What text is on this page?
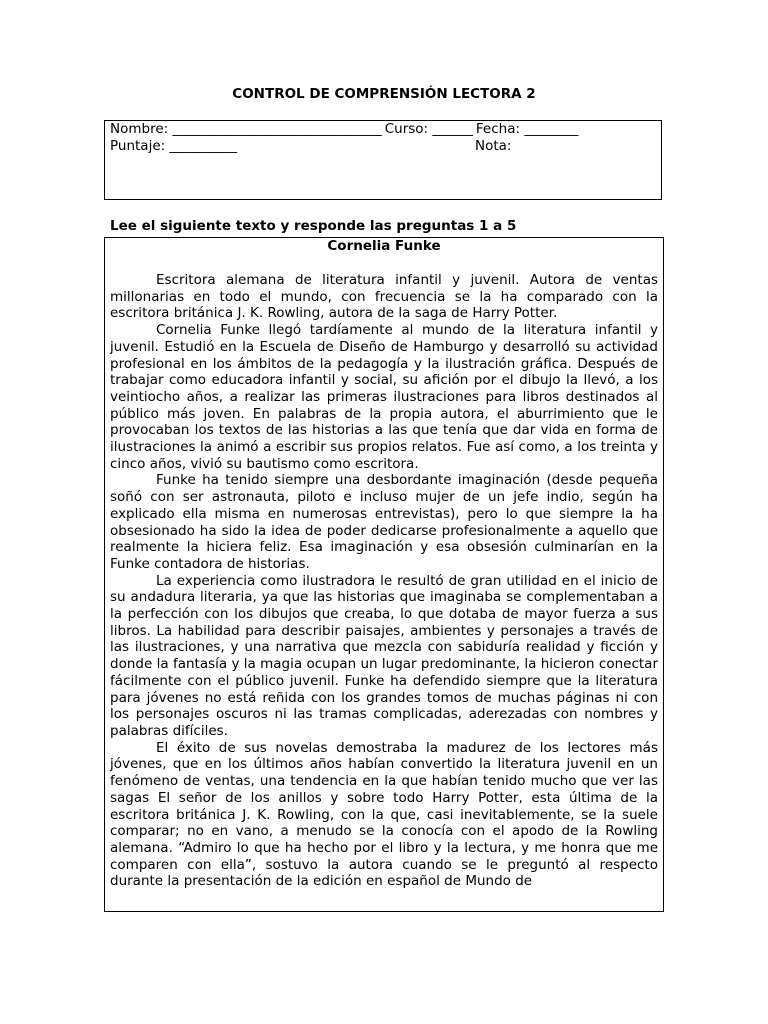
CONTROL DE COMPRENSIÓN LECTORA 2
Nombre: _______________________________ Curso: ______ Fecha: ________
Puntaje: __________	Nota:

Lee el siguiente texto y responde las preguntas 1 a 5

Cornelia Funke

Escritora alemana de literatura infantil y juvenil. Autora de ventas millonarias en todo el mundo, con frecuencia se la ha comparado con la escritora británica J. K. Rowling, autora de la saga de Harry Potter.

Cornelia Funke llegó tardíamente al mundo de la literatura infantil y juvenil. Estudió en la Escuela de Diseño de Hamburgo y desarrolló su actividad profesional en los ámbitos de la pedagogía y la ilustración gráfica. Después de trabajar como educadora infantil y social, su afición por el dibujo la llevó, a los veintiocho años, a realizar las primeras ilustraciones para libros destinados al público más joven. En palabras de la propia autora, el aburrimiento que le provocaban los textos de las historias a las que tenía que dar vida en forma de ilustraciones la animó a escribir sus propios relatos. Fue así como, a los treinta y cinco años, vivió su bautismo como escritora.

Funke ha tenido siempre una desbordante imaginación (desde pequeña soñó con ser astronauta, piloto e incluso mujer de un jefe indio, según ha explicado ella misma en numerosas entrevistas), pero lo que siempre la ha obsesionado ha sido la idea de poder dedicarse profesionalmente a aquello que realmente la hiciera feliz. Esa imaginación y esa obsesión culminarían en la Funke contadora de historias.

La experiencia como ilustradora le resultó de gran utilidad en el inicio de su andadura literaria, ya que las historias que imaginaba se complementaban a la perfección con los dibujos que creaba, lo que dotaba de mayor fuerza a sus libros. La habilidad para describir paisajes, ambientes y personajes a través de las ilustraciones, y una narrativa que mezcla con sabiduría realidad y ficción y donde la fantasía y la magia ocupan un lugar predominante, la hicieron conectar fácilmente con el público juvenil. Funke ha defendido siempre que la literatura para jóvenes no está reñida con los grandes tomos de muchas páginas ni con los personajes oscuros ni las tramas complicadas, aderezadas con nombres y palabras difíciles.

El éxito de sus novelas demostraba la madurez de los lectores más jóvenes, que en los últimos años habían convertido la literatura juvenil en un fenómeno de ventas, una tendencia en la que habían tenido mucho que ver las sagas El señor de los anillos y sobre todo Harry Potter, esta última de la escritora británica J. K. Rowling, con la que, casi inevitablemente, se la suele comparar; no en vano, a menudo se la conocía con el apodo de la Rowling alemana. “Admiro lo que ha hecho por el libro y la lectura, y me honra que me comparen con ella”, sostuvo la autora cuando se le preguntó al respecto durante la presentación de la edición en español de Mundo de
